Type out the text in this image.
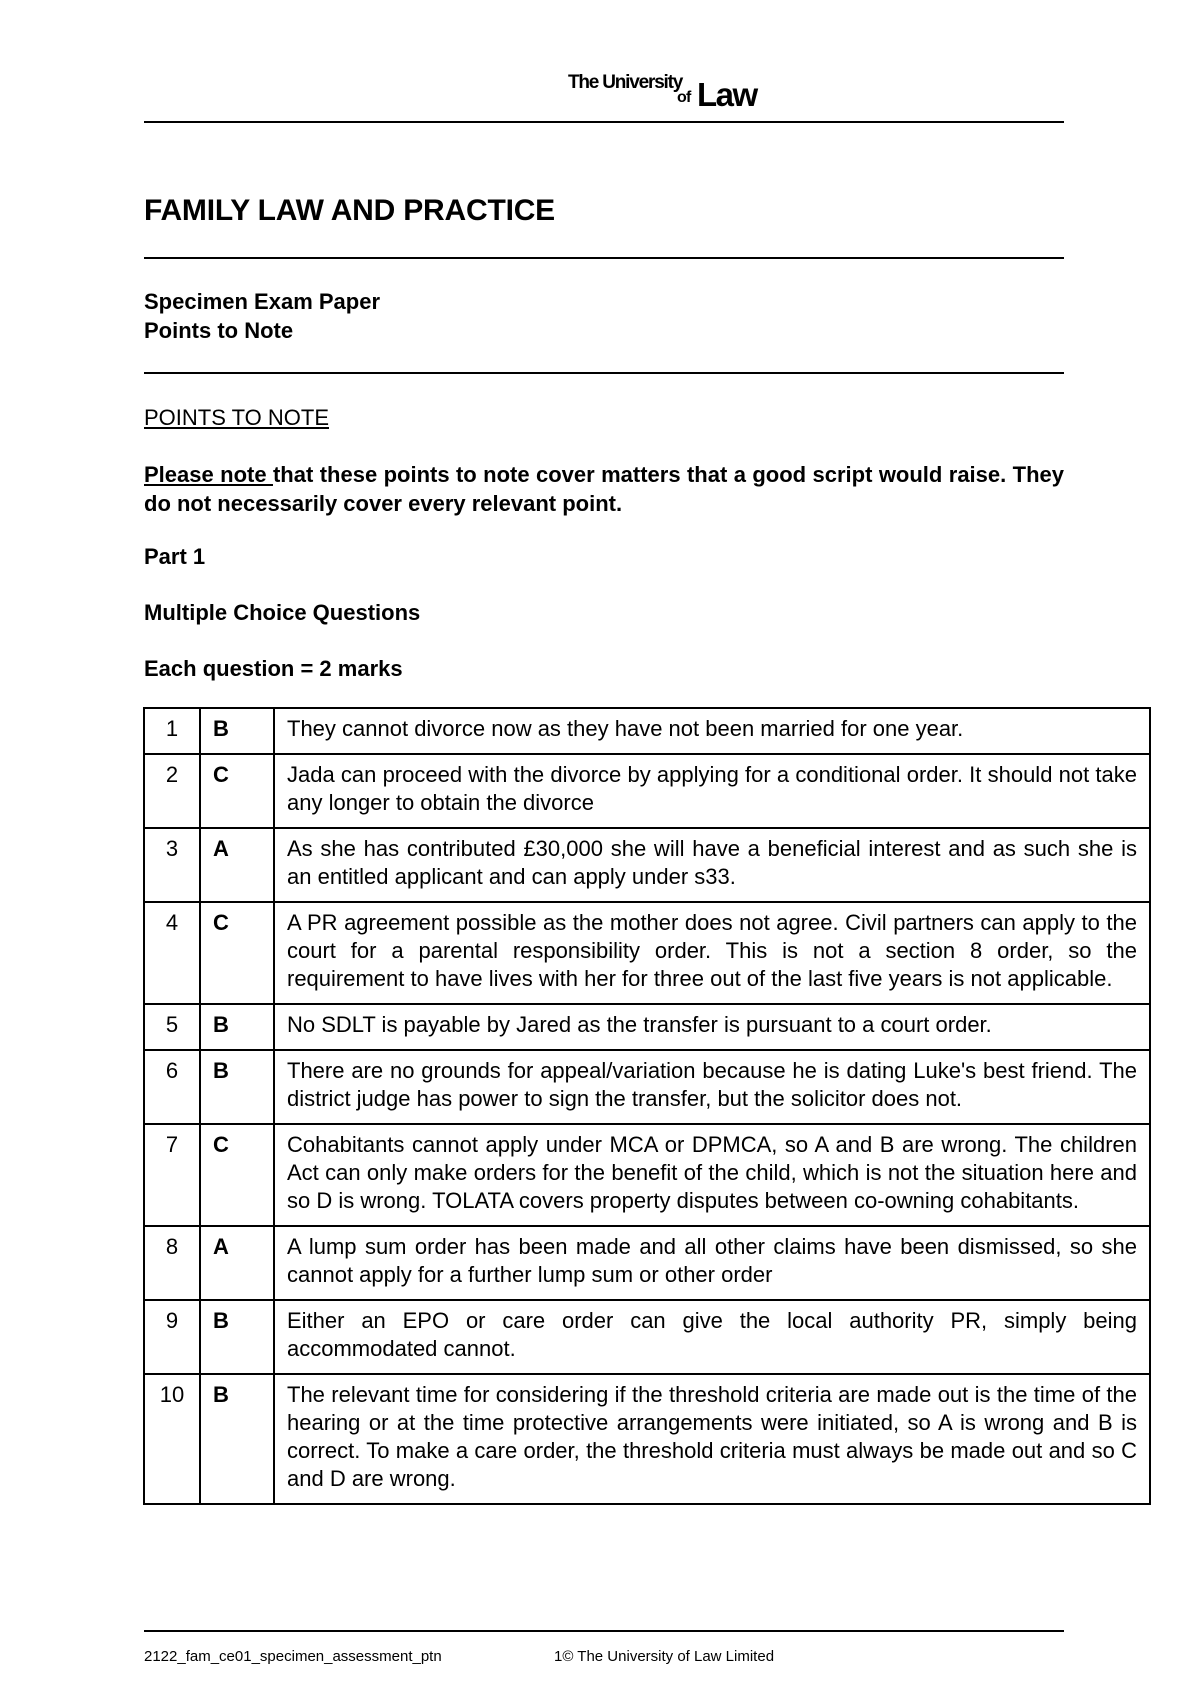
The University
of Law
FAMILY LAW AND PRACTICE

Specimen Exam Paper

Points to Note

POINTS TO NOTE

Please note that these points to note cover matters that a good script would raise. They do not necessarily cover every relevant point.

Part 1

Multiple Choice Questions

Each question = 2 marks

1	B	They cannot divorce now as they have not been married for one year.
2	C	Jada can proceed with the divorce by applying for a conditional order. It should not take any longer to obtain the divorce
3	A	As she has contributed £30,000 she will have a beneficial interest and as such she is an entitled applicant and can apply under s33.
4	C	A PR agreement possible as the mother does not agree. Civil partners can apply to the court for a parental responsibility order. This is not a section 8 order, so the requirement to have lives with her for three out of the last five years is not applicable.
5	B	No SDLT is payable by Jared as the transfer is pursuant to a court order.
6	B	There are no grounds for appeal/variation because he is dating Luke's best friend. The district judge has power to sign the transfer, but the solicitor does not.
7	C	Cohabitants cannot apply under MCA or DPMCA, so A and B are wrong. The children Act can only make orders for the benefit of the child, which is not the situation here and so D is wrong. TOLATA covers property disputes between co-owning cohabitants.
8	A	A lump sum order has been made and all other claims have been dismissed, so she cannot apply for a further lump sum or other order
9	B	Either an EPO or care order can give the local authority PR, simply being accommodated cannot.
10	B	The relevant time for considering if the threshold criteria are made out is the time of the hearing or at the time protective arrangements were initiated, so A is wrong and B is correct. To make a care order, the threshold criteria must always be made out and so C and D are wrong.
2122_fam_ce01_specimen_assessment_ptn	1© The University of Law Limited
